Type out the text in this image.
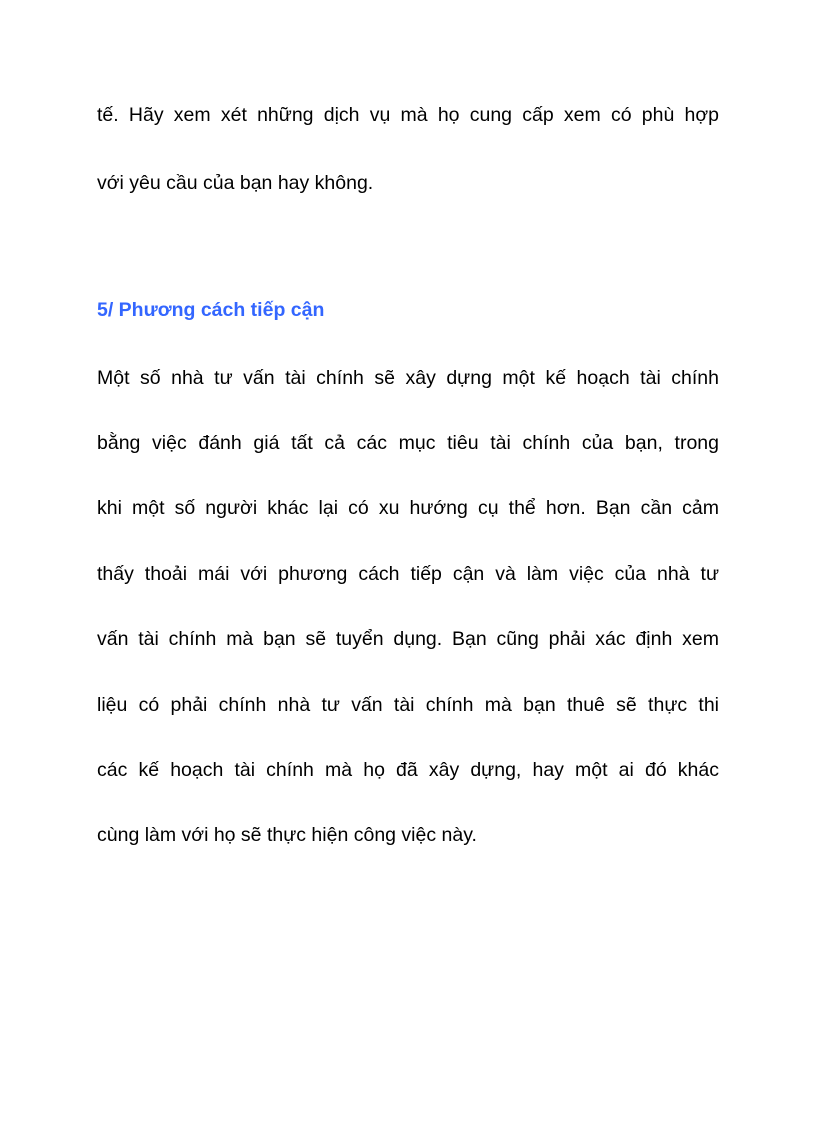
tế. Hãy xem xét những dịch vụ mà họ cung cấp xem có phù hợp
với yêu cầu của bạn hay không.
5/ Phương cách tiếp cận
Một số nhà tư vấn tài chính sẽ xây dựng một kế hoạch tài chính
bằng việc đánh giá tất cả các mục tiêu tài chính của bạn, trong
khi một số người khác lại có xu hướng cụ thể hơn. Bạn cần cảm
thấy thoải mái với phương cách tiếp cận và làm việc của nhà tư
vấn tài chính mà bạn sẽ tuyển dụng. Bạn cũng phải xác định xem
liệu có phải chính nhà tư vấn tài chính mà bạn thuê sẽ thực thi
các kế hoạch tài chính mà họ đã xây dựng, hay một ai đó khác
cùng làm với họ sẽ thực hiện công việc này.
